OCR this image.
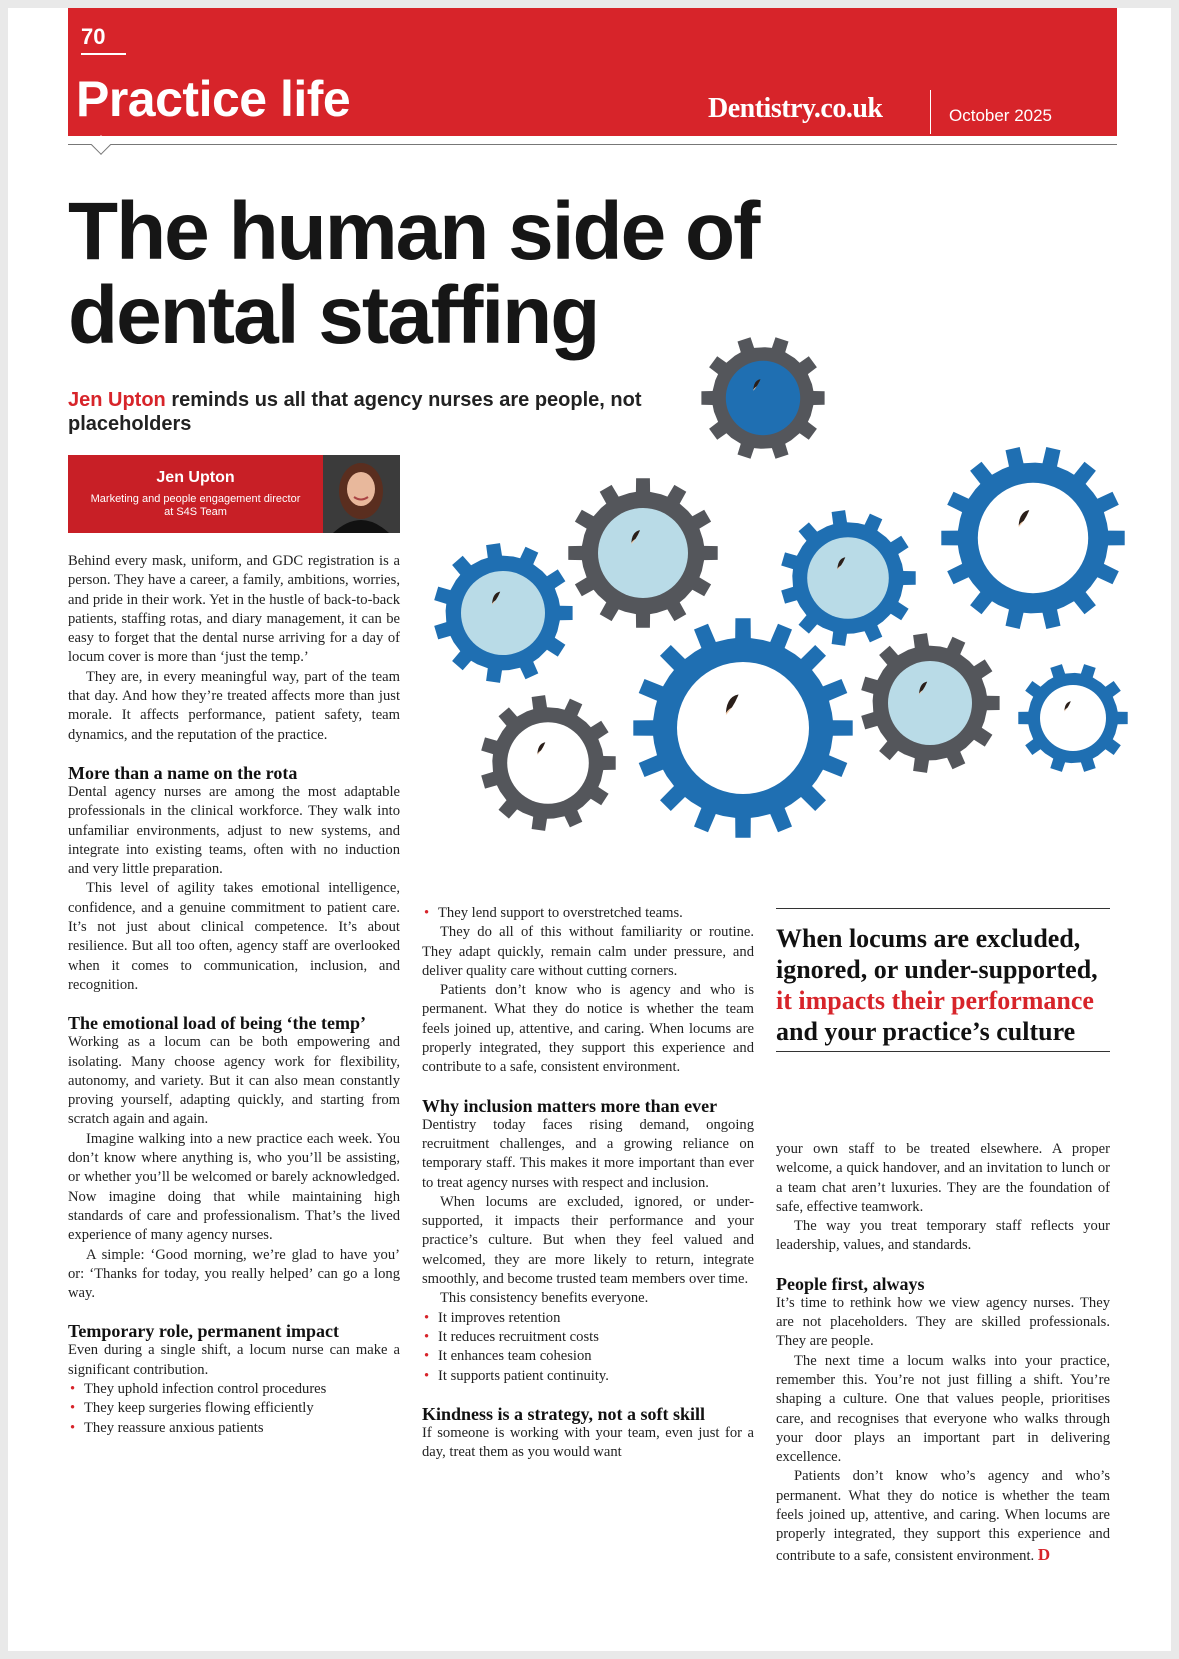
70
Practice life	Dentistry.co.uk	October 2025
The human side of
dental staffing
Jen Upton reminds us all that agency nurses are people, not placeholders
Jen Upton
Marketing and people engagement director at S4S Team

Behind every mask, uniform, and GDC registration is a person. They have a career, a family, ambitions, worries, and pride in their work. Yet in the hustle of back-to-back patients, staffing rotas, and diary management, it can be easy to forget that the dental nurse arriving for a day of locum cover is more than ‘just the temp.’

They are, in every meaningful way, part of the team that day. And how they’re treated affects more than just morale. It affects performance, patient safety, team dynamics, and the reputation of the practice.

More than a name on the rota

Dental agency nurses are among the most adaptable professionals in the clinical workforce. They walk into unfamiliar environments, adjust to new systems, and integrate into existing teams, often with no induction and very little preparation.

This level of agility takes emotional intelligence, confidence, and a genuine commitment to patient care. It’s not just about clinical competence. It’s about resilience. But all too often, agency staff are overlooked when it comes to communication, inclusion, and recognition.

The emotional load of being ‘the temp’

Working as a locum can be both empowering and isolating. Many choose agency work for flexibility, autonomy, and variety. But it can also mean constantly proving yourself, adapting quickly, and starting from scratch again and again.

Imagine walking into a new practice each week. You don’t know where anything is, who you’ll be assisting, or whether you’ll be welcomed or barely acknowledged. Now imagine doing that while maintaining high standards of care and professionalism. That’s the lived experience of many agency nurses.

A simple: ‘Good morning, we’re glad to have you’ or: ‘Thanks for today, you really helped’ can go a long way.

Temporary role, permanent impact

Even during a single shift, a locum nurse can make a significant contribution.

• They uphold infection control procedures
• They keep surgeries flowing efficiently
• They reassure anxious patients
• They lend support to overstretched teams.

They do all of this without familiarity or routine. They adapt quickly, remain calm under pressure, and deliver quality care without cutting corners.

Patients don’t know who is agency and who is permanent. What they do notice is whether the team feels joined up, attentive, and caring. When locums are properly integrated, they support this experience and contribute to a safe, consistent environment.

Why inclusion matters more than ever

Dentistry today faces rising demand, ongoing recruitment challenges, and a growing reliance on temporary staff. This makes it more important than ever to treat agency nurses with respect and inclusion.

When locums are excluded, ignored, or under-supported, it impacts their performance and your practice’s culture. But when they feel valued and welcomed, they are more likely to return, integrate smoothly, and become trusted team members over time.

This consistency benefits everyone.

• It improves retention
• It reduces recruitment costs
• It enhances team cohesion
• It supports patient continuity.
Kindness is a strategy, not a soft skill

If someone is working with your team, even just for a day, treat them as you would want

When locums are excluded, ignored, or under-supported, it impacts their performance and your practice’s culture

your own staff to be treated elsewhere. A proper welcome, a quick handover, and an invitation to lunch or a team chat aren’t luxuries. They are the foundation of safe, effective teamwork.

The way you treat temporary staff reflects your leadership, values, and standards.

People first, always

It’s time to rethink how we view agency nurses. They are not placeholders. They are skilled professionals. They are people.

The next time a locum walks into your practice, remember this. You’re not just filling a shift. You’re shaping a culture. One that values people, prioritises care, and recognises that everyone who walks through your door plays an important part in delivering excellence.

Patients don’t know who’s agency and who’s permanent. What they do notice is whether the team feels joined up, attentive, and caring. When locums are properly integrated, they support this experience and contribute to a safe, consistent environment. D
